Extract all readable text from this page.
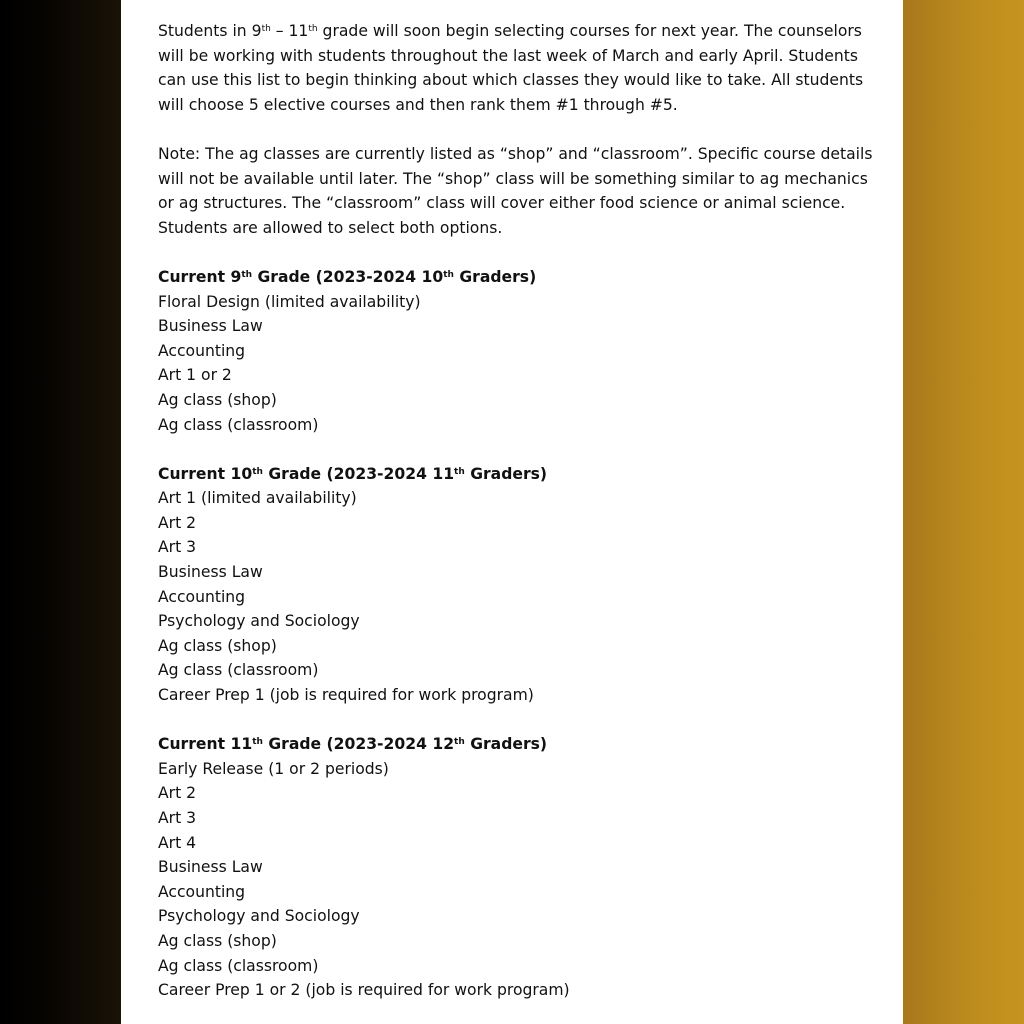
Students in 9th – 11th grade will soon begin selecting courses for next year. The counselors will be working with students throughout the last week of March and early April. Students can use this list to begin thinking about which classes they would like to take. All students will choose 5 elective courses and then rank them #1 through #5.

Note: The ag classes are currently listed as “shop” and “classroom”. Specific course details will not be available until later. The “shop” class will be something similar to ag mechanics or ag structures. The “classroom” class will cover either food science or animal science. Students are allowed to select both options.

Current 9th Grade (2023-2024 10th Graders)

Floral Design (limited availability)

Business Law

Accounting

Art 1 or 2

Ag class (shop)

Ag class (classroom)

Current 10th Grade (2023-2024 11th Graders)

Art 1 (limited availability)

Art 2

Art 3

Business Law

Accounting

Psychology and Sociology

Ag class (shop)

Ag class (classroom)

Career Prep 1 (job is required for work program)

Current 11th Grade (2023-2024 12th Graders)

Early Release (1 or 2 periods)

Art 2

Art 3

Art 4

Business Law

Accounting

Psychology and Sociology

Ag class (shop)

Ag class (classroom)

Career Prep 1 or 2 (job is required for work program)
